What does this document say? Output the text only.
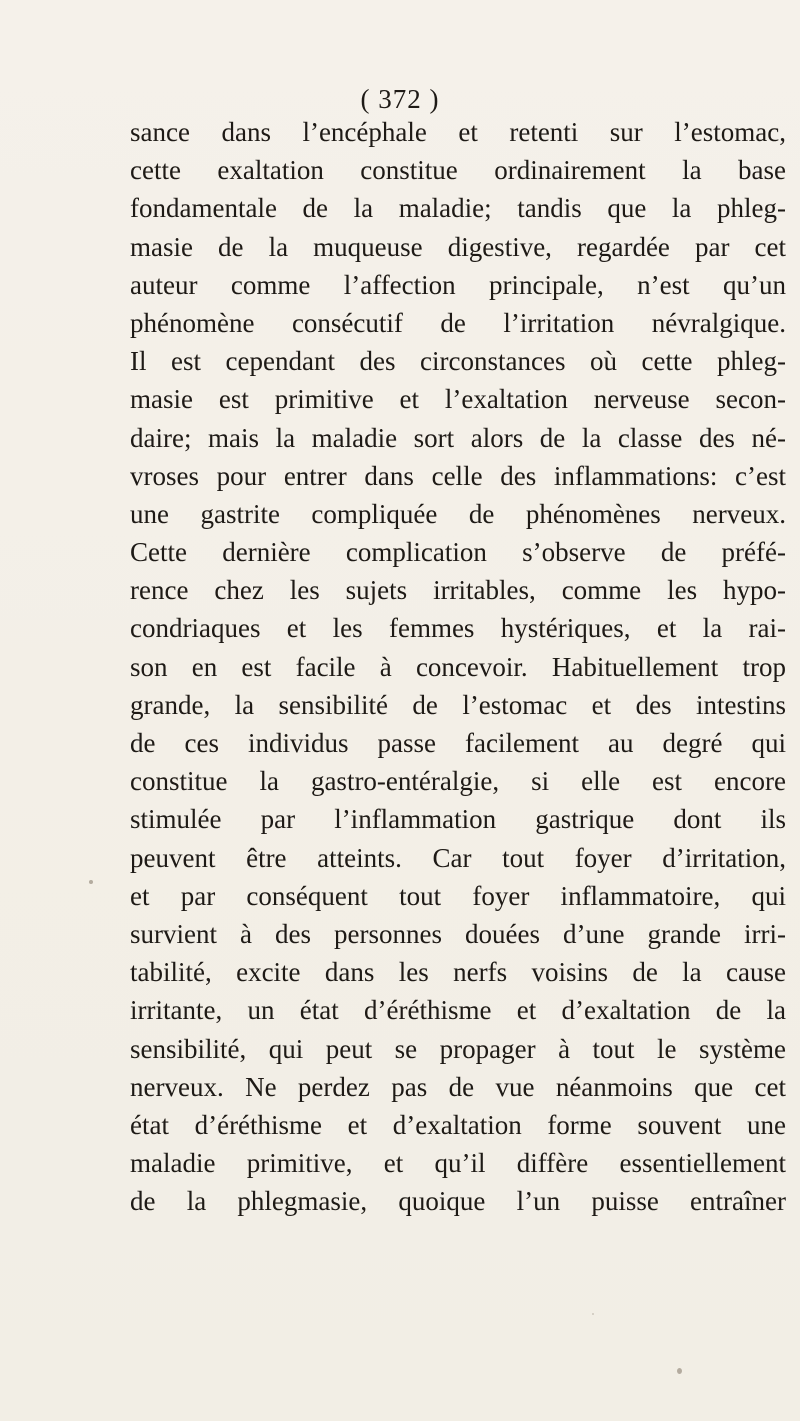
( 372 )
sance dans l’encéphale et retenti sur l’estomac,
cette exaltation constitue ordinairement la base
fondamentale de la maladie; tandis que la phleg-
masie de la muqueuse digestive, regardée par cet
auteur comme l’affection principale, n’est qu’un
phénomène consécutif de l’irritation névralgique.
Il est cependant des circonstances où cette phleg-
masie est primitive et l’exaltation nerveuse secon-
daire; mais la maladie sort alors de la classe des né-
vroses pour entrer dans celle des inflammations: c’est
une gastrite compliquée de phénomènes nerveux.
Cette dernière complication s’observe de préfé-
rence chez les sujets irritables, comme les hypo-
condriaques et les femmes hystériques, et la rai-
son en est facile à concevoir. Habituellement trop
grande, la sensibilité de l’estomac et des intestins
de ces individus passe facilement au degré qui
constitue la gastro-entéralgie, si elle est encore
stimulée par l’inflammation gastrique dont ils
peuvent être atteints. Car tout foyer d’irritation,
et par conséquent tout foyer inflammatoire, qui
survient à des personnes douées d’une grande irri-
tabilité, excite dans les nerfs voisins de la cause
irritante, un état d’éréthisme et d’exaltation de la
sensibilité, qui peut se propager à tout le système
nerveux. Ne perdez pas de vue néanmoins que cet
état d’éréthisme et d’exaltation forme souvent une
maladie primitive, et qu’il diffère essentiellement
de la phlegmasie, quoique l’un puisse entraîner
